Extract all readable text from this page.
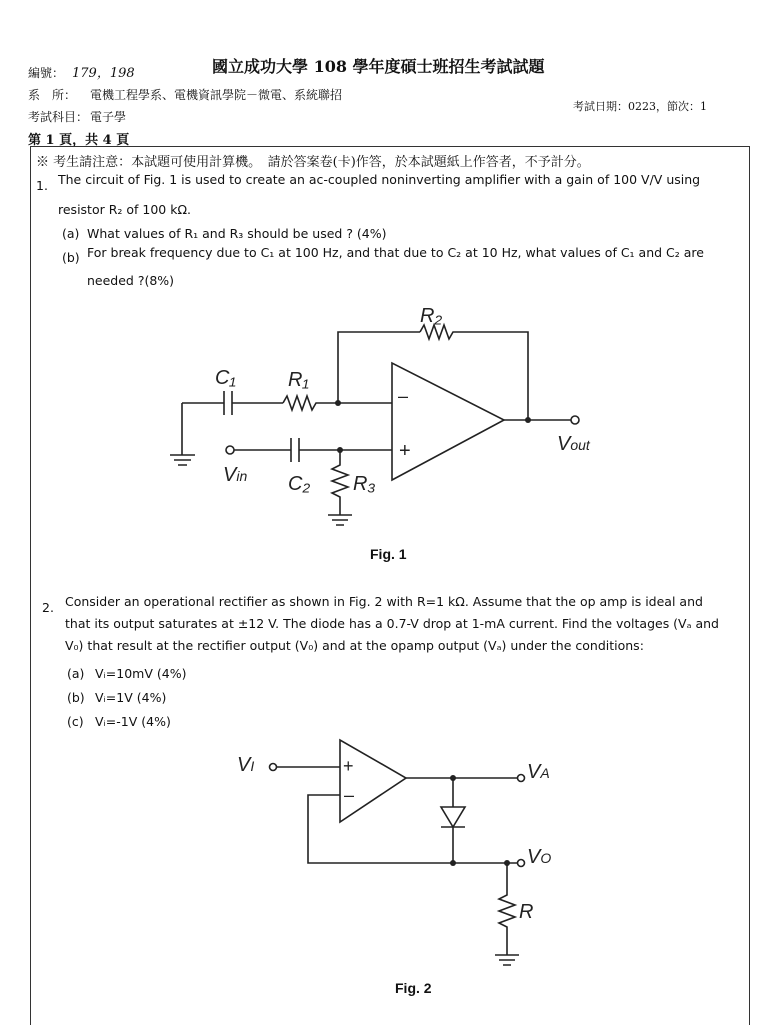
編號： 179，198	國立成功大學 108 學年度碩士班招生考試試題
系　所： 電機工程學系、電機資訊學院－微電、系統聯招
考試科目： 電子學
考試日期：0223，節次：1
第 1 頁，共 4 頁
※ 考生請注意：本試題可使用計算機。　請於答案卷(卡)作答，於本試題紙上作答者，不予計分。
1. The circuit of Fig. 1 is used to create an ac-coupled noninverting amplifier with a gain of 100 V/V using
resistor R₂ of 100 kΩ.
(a) What values of R₁ and R₃ should be used ? (4%)
(b) For break frequency due to C₁ at 100 Hz, and that due to C₂ at 10 Hz, what values of C₁ and C₂ are
needed ?(8%)
R₂
C₁	R₁
C₂ R₃
Vin
Vout
–
+
Fig. 1
2. Consider an operational rectifier as shown in Fig. 2 with R=1 kΩ. Assume that the op amp is ideal and
that its output saturates at ±12 V. The diode has a 0.7-V drop at 1-mA current. Find the voltages (Vₐ and
V₀) that result at the rectifier output (V₀) and at the opamp output (Vₐ) under the conditions:
(a) Vᵢ=10mV (4%)
(b) Vᵢ=1V (4%)
(c) Vᵢ=-1V (4%)
+
–
VI	VA
VO
R
Fig. 2
